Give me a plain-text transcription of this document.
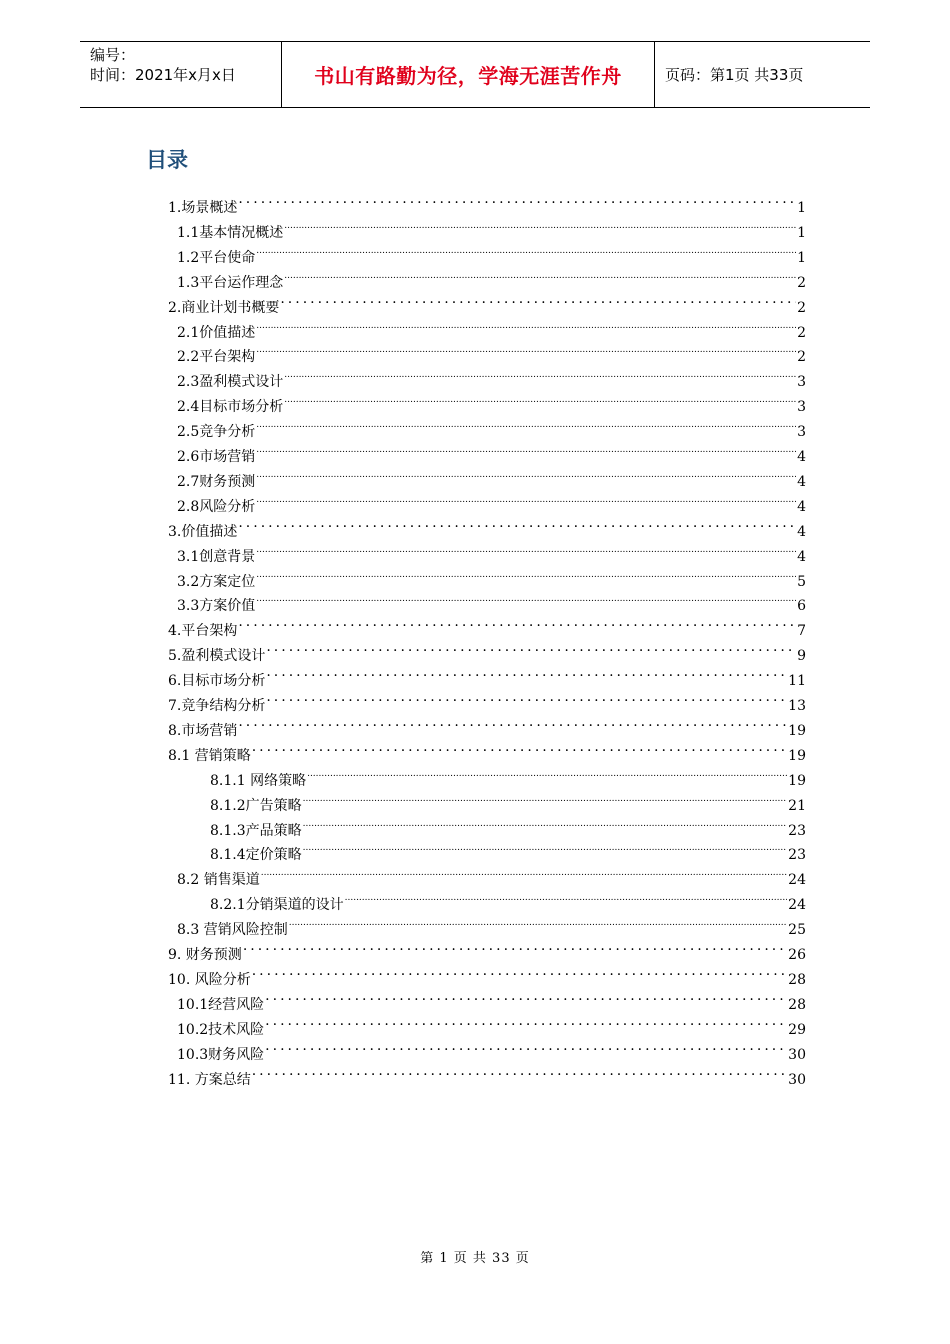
编号：
时间：2021年x月x日	书山有路勤为径，学海无涯苦作舟	页码：第1页 共33页
目录
1.场景概述 .....	1
1.1基本情况概述 .....	1
1.2平台使命 .....	1
1.3平台运作理念 .....	2
2.商业计划书概要 .....	2
2.1价值描述 .....	2
2.2平台架构 .....	2
2.3盈利模式设计 .....	3
2.4目标市场分析 .....	3
2.5竞争分析 .....	3
2.6市场营销 .....	4
2.7财务预测 .....	4
2.8风险分析 .....	4
3.价值描述 .....	4
3.1创意背景 .....	4
3.2方案定位 .....	5
3.3方案价值 .....	6
4.平台架构 .....	7
5.盈利模式设计 .....	9
6.目标市场分析 .....	11
7.竞争结构分析 .....	13
8.市场营销 .....	19
8.1 营销策略 .....	19
8.1.1 网络策略 .....	19
8.1.2广告策略 .....	21
8.1.3产品策略 .....	23
8.1.4定价策略 .....	23
8.2 销售渠道 .....	24
8.2.1分销渠道的设计 .....	24
8.3 营销风险控制 .....	25
9. 财务预测 .....	26
10. 风险分析 .....	28
10.1经营风险 .....	28
10.2技术风险 .....	29
10.3财务风险 .....	30
11. 方案总结 .....	30
第 1 页 共 33 页
